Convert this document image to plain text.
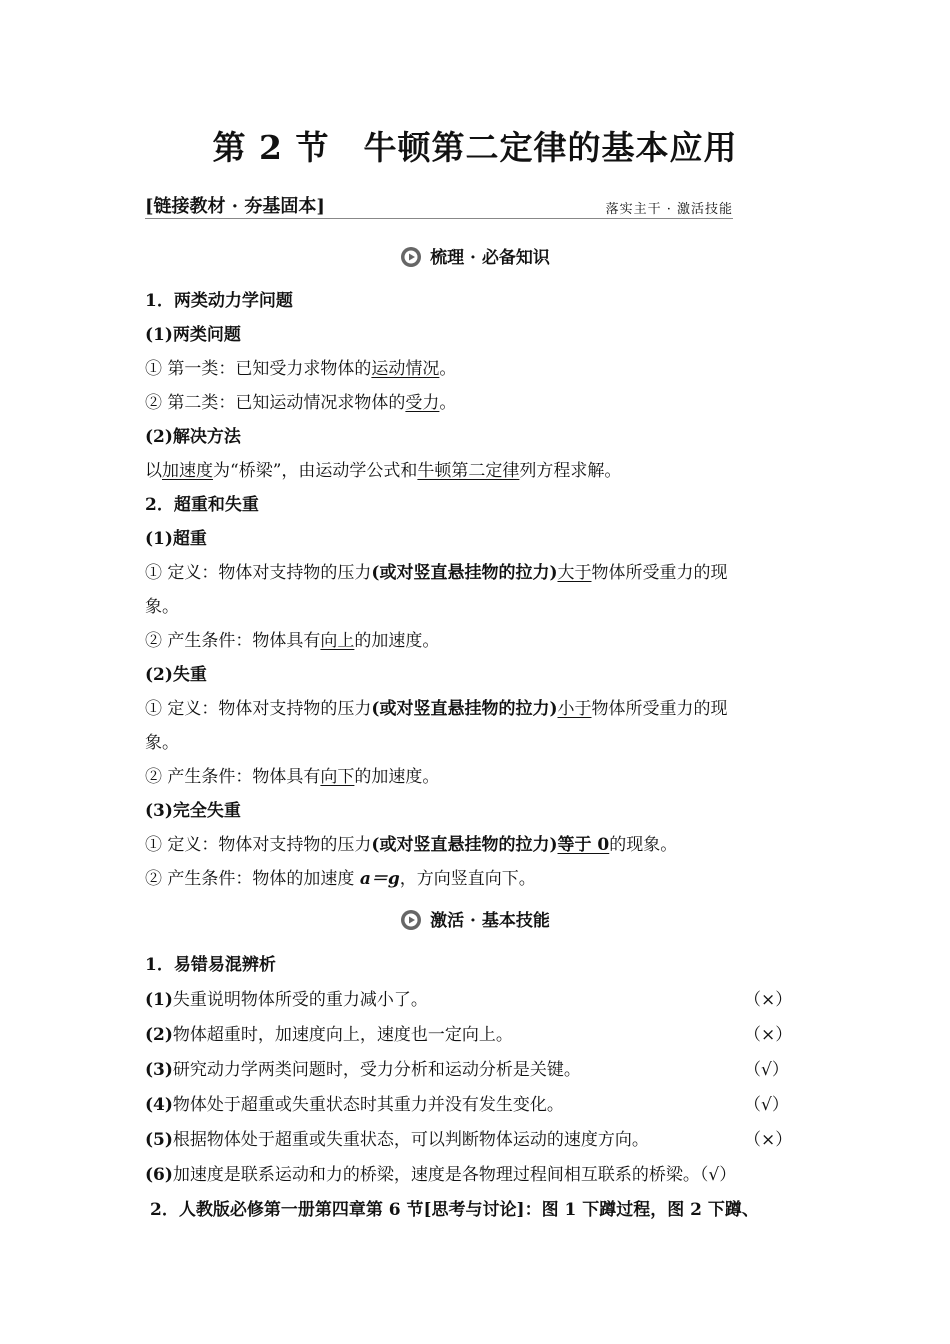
第 2 节　牛顿第二定律的基本应用
[链接教材 · 夯基固本]	落实主干 · 激活技能
梳理 · 必备知识
1．两类动力学问题
(1)两类问题
① 第一类：已知受力求物体的运动情况。
② 第二类：已知运动情况求物体的受力。
(2)解决方法
以加速度为“桥梁”，由运动学公式和牛顿第二定律列方程求解。
2．超重和失重
(1)超重
① 定义：物体对支持物的压力(或对竖直悬挂物的拉力)大于物体所受重力的现
象。
② 产生条件：物体具有向上的加速度。
(2)失重
① 定义：物体对支持物的压力(或对竖直悬挂物的拉力)小于物体所受重力的现
象。
② 产生条件：物体具有向下的加速度。
(3)完全失重
① 定义：物体对支持物的压力(或对竖直悬挂物的拉力)等于 0的现象。
② 产生条件：物体的加速度 a＝g，方向竖直向下。
激活 · 基本技能
1．易错易混辨析
(1)失重说明物体所受的重力减小了。	（×）
(2)物体超重时，加速度向上，速度也一定向上。	（×）
(3)研究动力学两类问题时，受力分析和运动分析是关键。	（√）
(4)物体处于超重或失重状态时其重力并没有发生变化。	（√）
(5)根据物体处于超重或失重状态，可以判断物体运动的速度方向。	（×）
(6)加速度是联系运动和力的桥梁，速度是各物理过程间相互联系的桥梁。（√）
2．人教版必修第一册第四章第 6 节[思考与讨论]：图 1 下蹲过程，图 2 下蹲、
